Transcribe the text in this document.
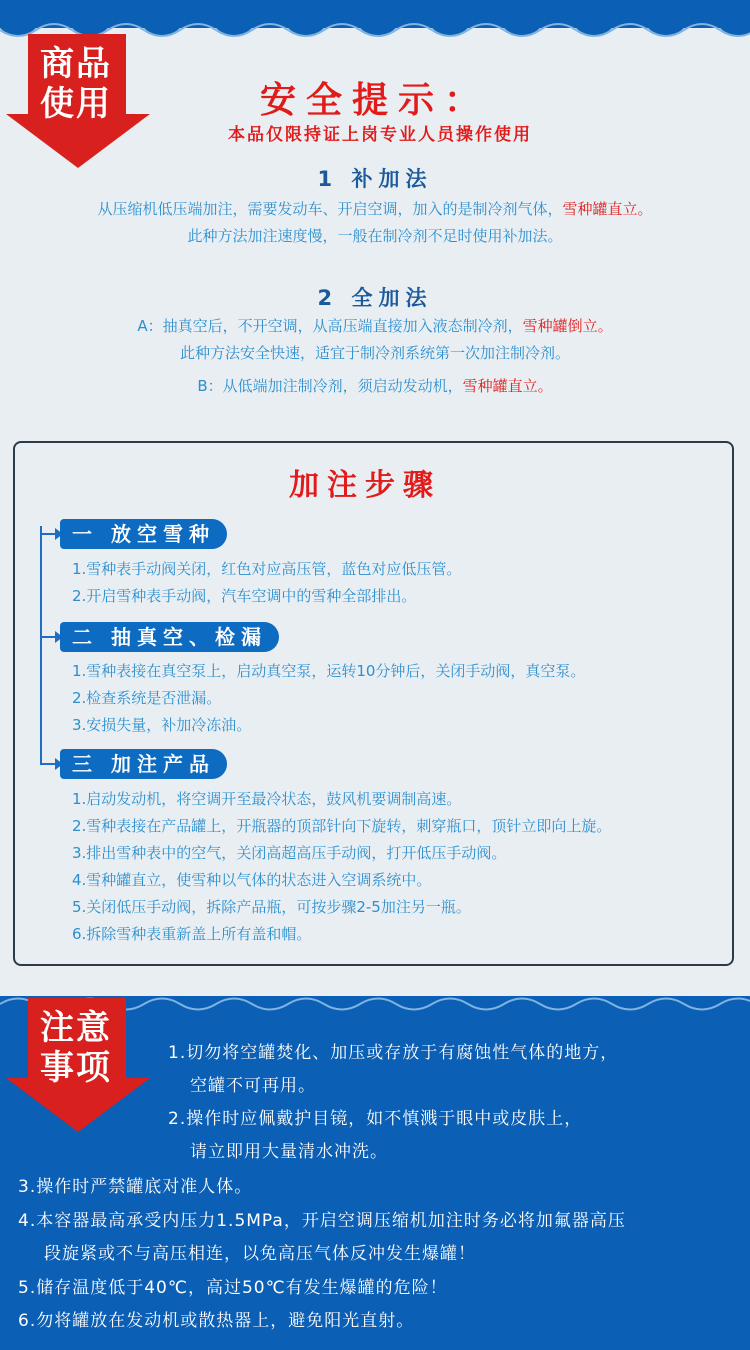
商品
使用	安全提示：
本品仅限持证上岗专业人员操作使用
1 补加法
从压缩机低压端加注，需要发动车、开启空调，加入的是制冷剂气体，雪种罐直立。
此种方法加注速度慢，一般在制冷剂不足时使用补加法。
2 全加法
A：抽真空后，不开空调，从高压端直接加入液态制冷剂，雪种罐倒立。
此种方法安全快速，适宜于制冷剂系统第一次加注制冷剂。
B：从低端加注制冷剂，须启动发动机，雪种罐直立。
加注步骤
一 放空雪种
1.雪种表手动阀关闭，红色对应高压管，蓝色对应低压管。
2.开启雪种表手动阀，汽车空调中的雪种全部排出。
二 抽真空、检漏
1.雪种表接在真空泵上，启动真空泵，运转10分钟后，关闭手动阀，真空泵。
2.检查系统是否泄漏。
3.安损失量，补加冷冻油。
三 加注产品
1.启动发动机，将空调开至最冷状态，鼓风机要调制高速。
2.雪种表接在产品罐上，开瓶器的顶部针向下旋转，刺穿瓶口，顶针立即向上旋。
3.排出雪种表中的空气，关闭高超高压手动阀，打开低压手动阀。
4.雪种罐直立，使雪种以气体的状态进入空调系统中。
5.关闭低压手动阀，拆除产品瓶，可按步骤2-5加注另一瓶。
6.拆除雪种表重新盖上所有盖和帽。
注意
事项	1.切勿将空罐焚化、加压或存放于有腐蚀性气体的地方，
空罐不可再用。
2.操作时应佩戴护目镜，如不慎溅于眼中或皮肤上，
请立即用大量清水冲洗。
3.操作时严禁罐底对准人体。
4.本容器最高承受内压力1.5MPa，开启空调压缩机加注时务必将加氟器高压
段旋紧或不与高压相连，以免高压气体反冲发生爆罐！
5.储存温度低于40℃，高过50℃有发生爆罐的危险！
6.勿将罐放在发动机或散热器上，避免阳光直射。
